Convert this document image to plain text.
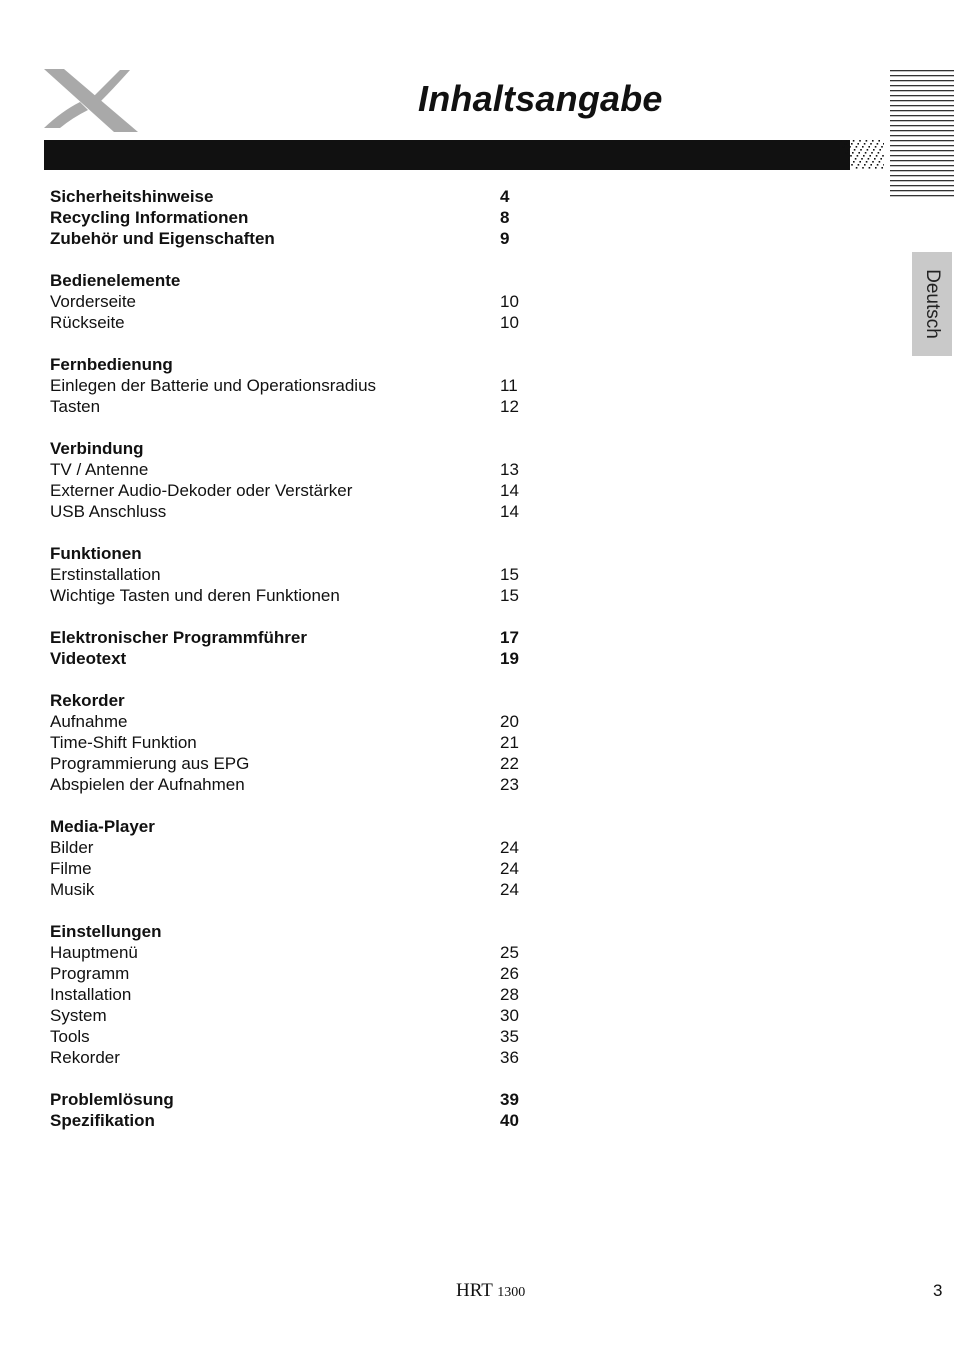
Inhaltsangabe
Deutsch
Sicherheitshinweise	4
Recycling Informationen	8
Zubehör und Eigenschaften	9
Bedienelemente
Vorderseite	10
Rückseite	10
Fernbedienung
Einlegen der Batterie und Operationsradius	11
Tasten	12
Verbindung
TV / Antenne	13
Externer Audio-Dekoder oder Verstärker	14
USB Anschluss	14
Funktionen
Erstinstallation	15
Wichtige Tasten und deren Funktionen	15
Elektronischer Programmführer	17
Videotext	19
Rekorder
Aufnahme	20
Time-Shift Funktion	21
Programmierung aus EPG	22
Abspielen der Aufnahmen	23
Media-Player
Bilder	24
Filme	24
Musik	24
Einstellungen
Hauptmenü	25
Programm	26
Installation	28
System	30
Tools	35
Rekorder	36
Problemlösung	39
Spezifikation	40
HRT 1300	3
